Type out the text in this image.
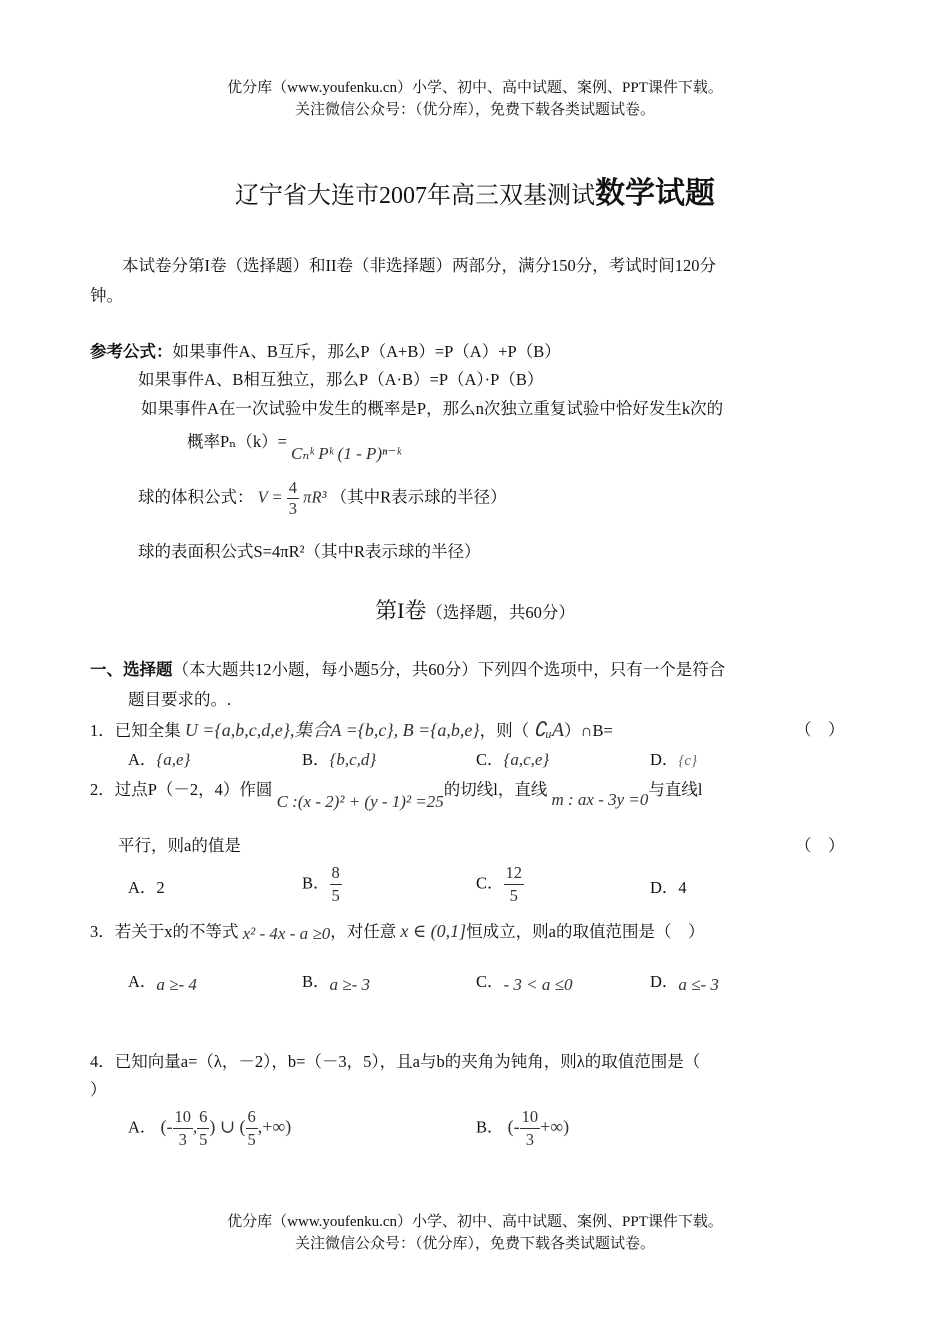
优分库（www.youfenku.cn）小学、初中、高中试题、案例、PPT课件下载。
关注微信公众号：（优分库），免费下载各类试题试卷。
辽宁省大连市2007年高三双基测试数学试题
本试卷分第I卷（选择题）和II卷（非选择题）两部分，满分150分，考试时间120分
钟。
参考公式：如果事件A、B互斥，那么P（A+B）=P（A）+P（B）
如果事件A、B相互独立，那么P（A·B）=P（A）·P（B）
如果事件A在一次试验中发生的概率是P，那么n次独立重复试验中恰好发生k次的
概率Pₙ（k）= Cₙᵏ Pᵏ (1 - P)ⁿ⁻ᵏ
球的体积公式： $V = \frac{4}{3} \pi R^3$ （其中R表示球的半径）
球的表面积公式S=4πR²（其中R表示球的半径）
第I卷（选择题，共60分）
一、选择题（本大题共12小题，每小题5分，共60分）下列四个选项中，只有一个是符合
题目要求的。.
1．已知全集 U ={a,b,c,d,e},集合A ={b,c}, B ={a,b,e}，则（ ∁ᵤA）∩B=	（　）
A．{a,e}	B．{b,c,d}	C．{a,c,e}	D．{c}
2．过点P（－2，4）作圆 C :(x - 2)² + (y - 1)² =25的切线l，直线 m : ax - 3y =0与直线l
平行，则a的值是	（　）
A．2	B． $\frac{8}{5}$	C． $\frac{12}{5}$	D．4
3．若关于x的不等式 x² - 4x - a ≥0，对任意 x ∈ (0,1]恒成立，则a的取值范围是（　）
A．a ≥- 4	B．a ≥- 3	C．- 3 < a ≤0	D．a ≤- 3
4．已知向量a=（λ，－2），b=（－3，5），且a与b的夹角为钝角，则λ的取值范围是（
）
A． (- $\frac{10}{3}$ , $\frac{6}{5}$ ) ∪ ( $\frac{6}{5}$ ,+∞)	B． (- $\frac{10}{3}$ +∞)
优分库（www.youfenku.cn）小学、初中、高中试题、案例、PPT课件下载。
关注微信公众号：（优分库），免费下载各类试题试卷。
